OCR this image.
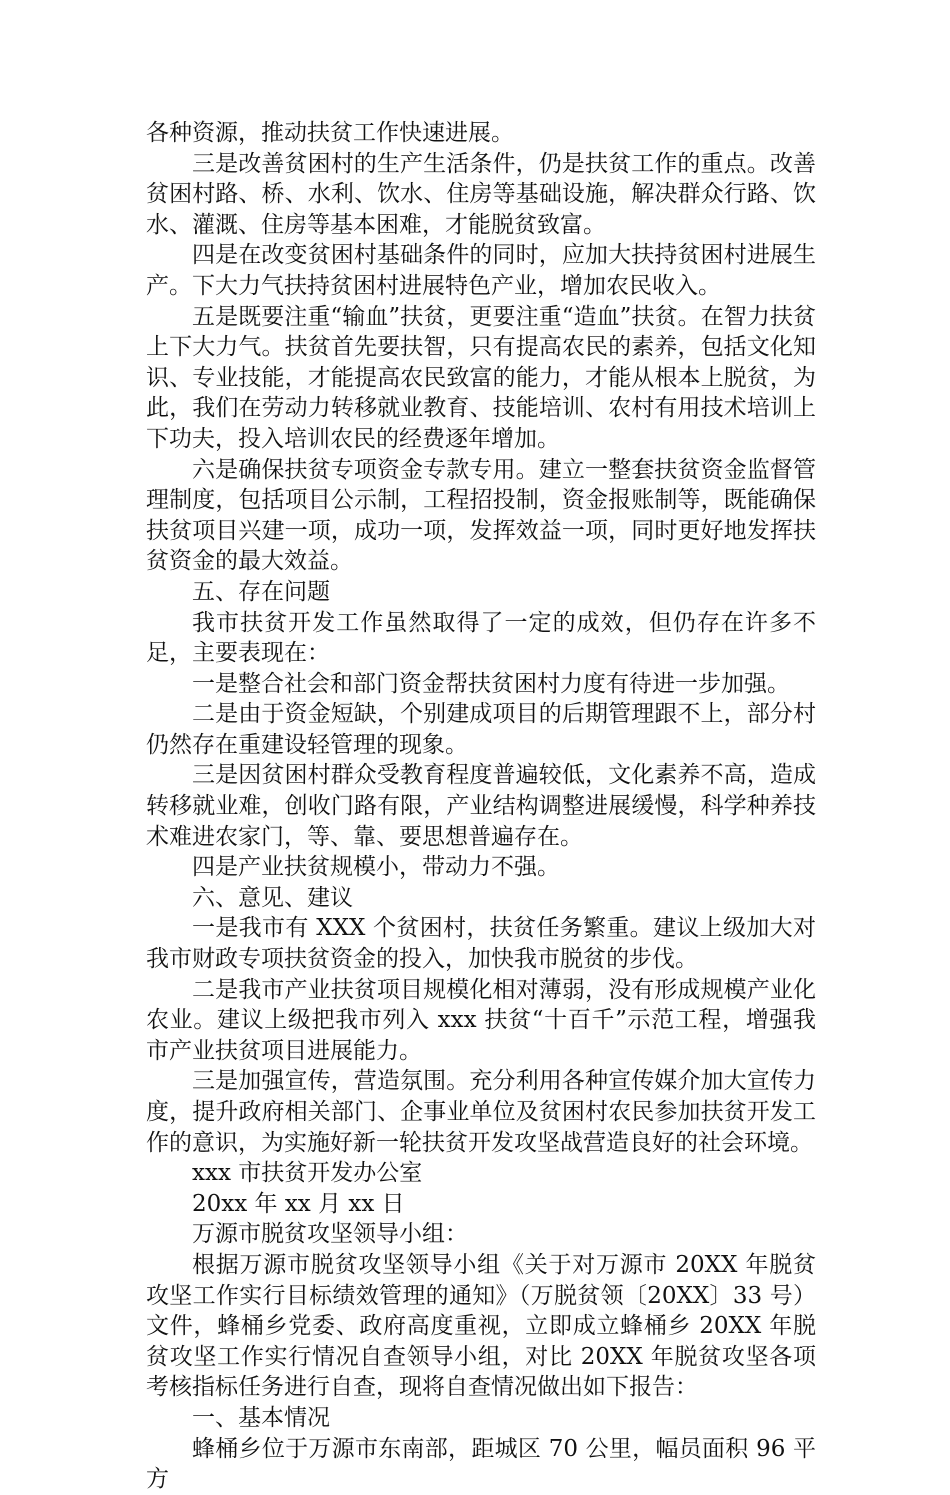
各种资源，推动扶贫工作快速进展。

三是改善贫困村的生产生活条件，仍是扶贫工作的重点。改善贫困村路、桥、水利、饮水、住房等基础设施，解决群众行路、饮水、灌溉、住房等基本困难，才能脱贫致富。

四是在改变贫困村基础条件的同时，应加大扶持贫困村进展生产。下大力气扶持贫困村进展特色产业，增加农民收入。

五是既要注重“输血”扶贫，更要注重“造血”扶贫。在智力扶贫上下大力气。扶贫首先要扶智，只有提高农民的素养，包括文化知识、专业技能，才能提高农民致富的能力，才能从根本上脱贫，为此，我们在劳动力转移就业教育、技能培训、农村有用技术培训上下功夫，投入培训农民的经费逐年增加。

六是确保扶贫专项资金专款专用。建立一整套扶贫资金监督管理制度，包括项目公示制，工程招投制，资金报账制等，既能确保扶贫项目兴建一项，成功一项，发挥效益一项，同时更好地发挥扶贫资金的最大效益。

五、存在问题

我市扶贫开发工作虽然取得了一定的成效，但仍存在许多不足，主要表现在：

一是整合社会和部门资金帮扶贫困村力度有待进一步加强。

二是由于资金短缺，个别建成项目的后期管理跟不上，部分村仍然存在重建设轻管理的现象。

三是因贫困村群众受教育程度普遍较低，文化素养不高，造成转移就业难，创收门路有限，产业结构调整进展缓慢，科学种养技术难进农家门，等、靠、要思想普遍存在。

四是产业扶贫规模小，带动力不强。

六、意见、建议

一是我市有 XXX 个贫困村，扶贫任务繁重。建议上级加大对我市财政专项扶贫资金的投入，加快我市脱贫的步伐。

二是我市产业扶贫项目规模化相对薄弱，没有形成规模产业化农业。建议上级把我市列入 xxx 扶贫“十百千”示范工程，增强我市产业扶贫项目进展能力。

三是加强宣传，营造氛围。充分利用各种宣传媒介加大宣传力度，提升政府相关部门、企事业单位及贫困村农民参加扶贫开发工作的意识，为实施好新一轮扶贫开发攻坚战营造良好的社会环境。

xxx 市扶贫开发办公室

20xx 年 xx 月 xx 日

万源市脱贫攻坚领导小组：

根据万源市脱贫攻坚领导小组《关于对万源市 20XX 年脱贫攻坚工作实行目标绩效管理的通知》（万脱贫领〔20XX〕33 号）文件，蜂桶乡党委、政府高度重视，立即成立蜂桶乡 20XX 年脱贫攻坚工作实行情况自查领导小组，对比 20XX 年脱贫攻坚各项考核指标任务进行自查，现将自查情况做出如下报告：

一、基本情况

蜂桶乡位于万源市东南部，距城区 70 公里，幅员面积 96 平方
